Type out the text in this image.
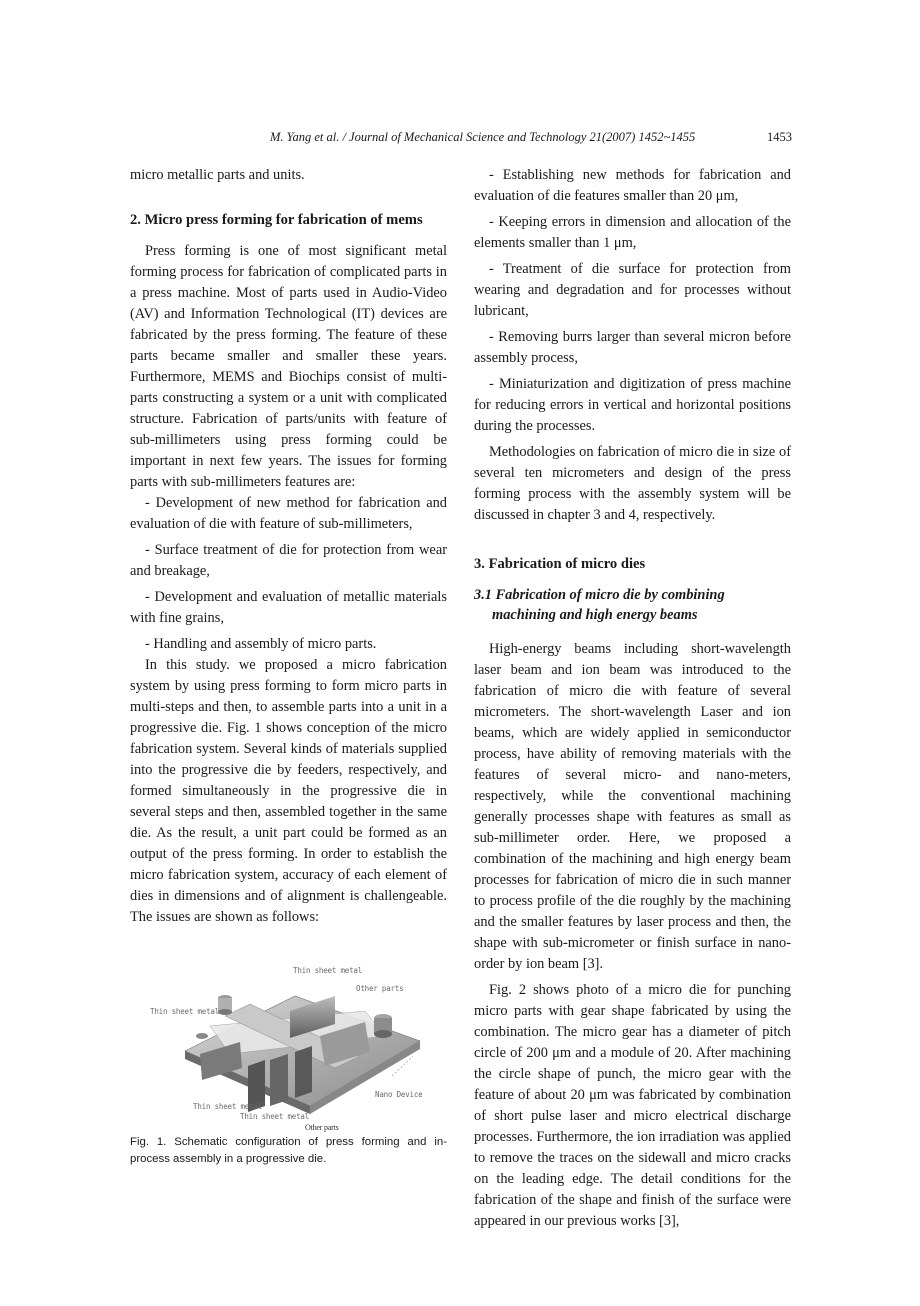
M. Yang et al. / Journal of Mechanical Science and Technology 21(2007) 1452~1455	1453

micro metallic parts and units.

2. Micro press forming for fabrication of mems

Press forming is one of most significant metal forming process for fabrication of complicated parts in a press machine. Most of parts used in Audio-Video (AV) and Information Technological (IT) devices are fabricated by the press forming. The feature of these parts became smaller and smaller these years. Furthermore, MEMS and Biochips consist of multi-parts constructing a system or a unit with complicated structure. Fabrication of parts/units with feature of sub-millimeters using press forming could be important in next few years. The issues for forming parts with sub-millimeters features are:

- Development of new method for fabrication and evaluation of die with feature of sub-millimeters,

- Surface treatment of die for protection from wear and breakage,

- Development and evaluation of metallic materials with fine grains,

- Handling and assembly of micro parts.

In this study. we proposed a micro fabrication system by using press forming to form micro parts in multi-steps and then, to assemble parts into a unit in a progressive die. Fig. 1 shows conception of the micro fabrication system. Several kinds of materials supplied into the progressive die by feeders, respectively, and formed simultaneously in the progressive die in several steps and then, assembled together in the same die. As the result, a unit part could be formed as an output of the press forming. In order to establish the micro fabrication system, accuracy of each element of dies in dimensions and of alignment is challengeable. The issues are shown as follows:

Thin sheet metal
Other parts
Thin sheet metal
Thin sheet metal
Thin sheet metal
Nano Device
Other parts

Fig. 1. Schematic configuration of press forming and in-process assembly in a progressive die.

- Establishing new methods for fabrication and evaluation of die features smaller than 20 μm,

- Keeping errors in dimension and allocation of the elements smaller than 1 μm,

- Treatment of die surface for protection from wearing and degradation and for processes without lubricant,

- Removing burrs larger than several micron before assembly process,

- Miniaturization and digitization of press machine for reducing errors in vertical and horizontal positions during the processes.

Methodologies on fabrication of micro die in size of several ten micrometers and design of the press forming process with the assembly system will be discussed in chapter 3 and 4, respectively.

3. Fabrication of micro dies
3.1 Fabrication of micro die by combining machining and high energy beams

High-energy beams including short-wavelength laser beam and ion beam was introduced to the fabrication of micro die with feature of several micrometers. The short-wavelength Laser and ion beams, which are widely applied in semiconductor process, have ability of removing materials with the features of several micro- and nano-meters, respectively, while the conventional machining generally processes shape with features as small as sub-millimeter order. Here, we proposed a combination of the machining and high energy beam processes for fabrication of micro die in such manner to process profile of the die roughly by the machining and the smaller features by laser process and then, the shape with sub-micrometer or finish surface in nano-order by ion beam [3].

Fig. 2 shows photo of a micro die for punching micro parts with gear shape fabricated by using the combination. The micro gear has a diameter of pitch circle of 200 μm and a module of 20. After machining the circle shape of punch, the micro gear with the feature of about 20 μm was fabricated by combination of short pulse laser and micro electrical discharge processes. Furthermore, the ion irradiation was applied to remove the traces on the sidewall and micro cracks on the leading edge. The detail conditions for the fabrication of the shape and finish of the surface were appeared in our previous works [3],
